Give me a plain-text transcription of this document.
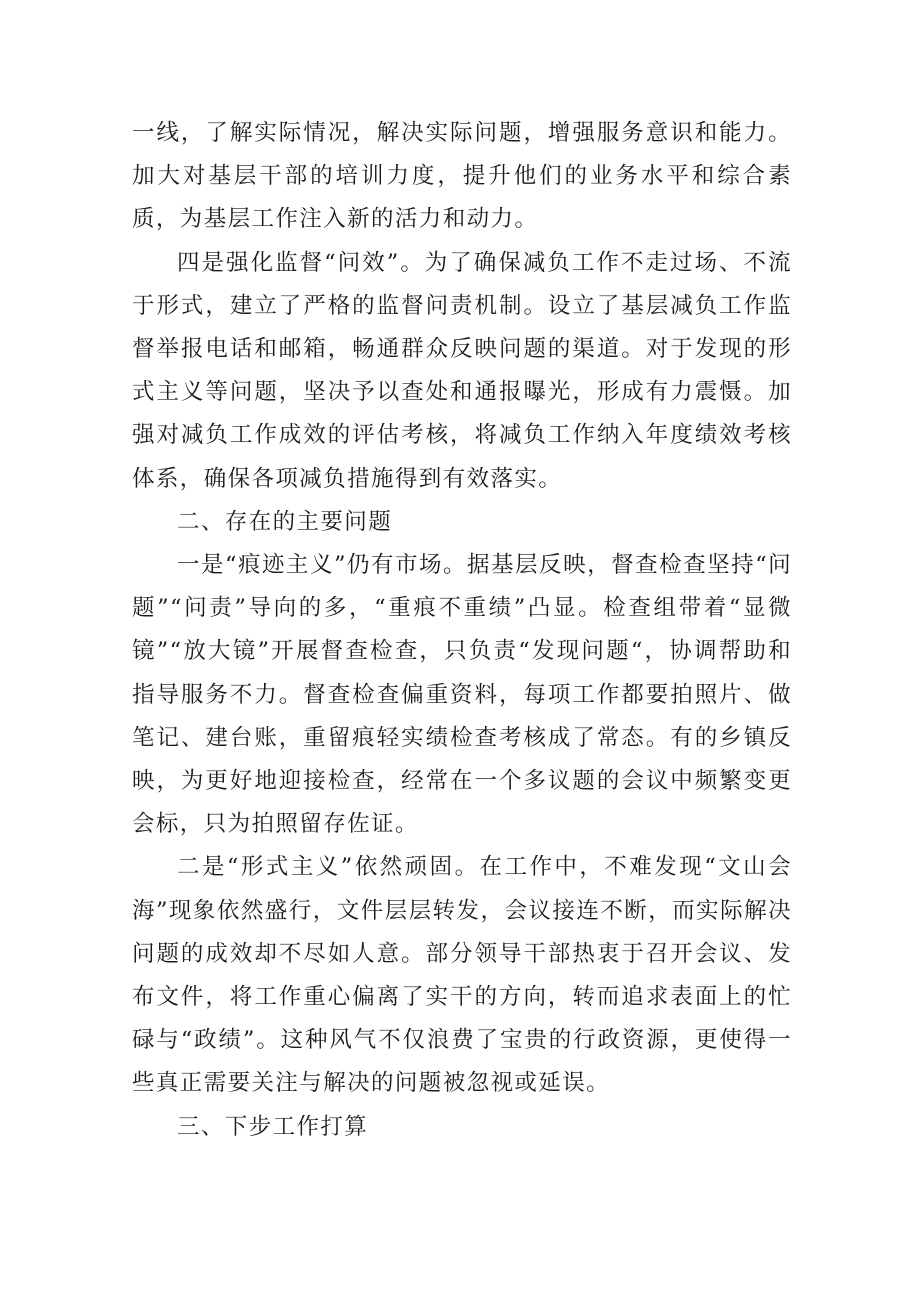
一线，了解实际情况，解决实际问题，增强服务意识和能力。加大对基层干部的培训力度，提升他们的业务水平和综合素质，为基层工作注入新的活力和动力。

四是强化监督“问效”。为了确保减负工作不走过场、不流于形式，建立了严格的监督问责机制。设立了基层减负工作监督举报电话和邮箱，畅通群众反映问题的渠道。对于发现的形式主义等问题，坚决予以查处和通报曝光，形成有力震慑。加强对减负工作成效的评估考核，将减负工作纳入年度绩效考核体系，确保各项减负措施得到有效落实。

二、存在的主要问题

一是“痕迹主义”仍有市场。据基层反映，督查检查坚持“问题”“问责”导向的多，“重痕不重绩”凸显。检查组带着“显微镜”“放大镜”开展督查检查，只负责“发现问题“，协调帮助和指导服务不力。督查检查偏重资料，每项工作都要拍照片、做笔记、建台账，重留痕轻实绩检查考核成了常态。有的乡镇反映，为更好地迎接检查，经常在一个多议题的会议中频繁变更会标，只为拍照留存佐证。

二是“形式主义”依然顽固。在工作中，不难发现“文山会海”现象依然盛行，文件层层转发，会议接连不断，而实际解决问题的成效却不尽如人意。部分领导干部热衷于召开会议、发布文件，将工作重心偏离了实干的方向，转而追求表面上的忙碌与“政绩”。这种风气不仅浪费了宝贵的行政资源，更使得一些真正需要关注与解决的问题被忽视或延误。

三、下步工作打算
